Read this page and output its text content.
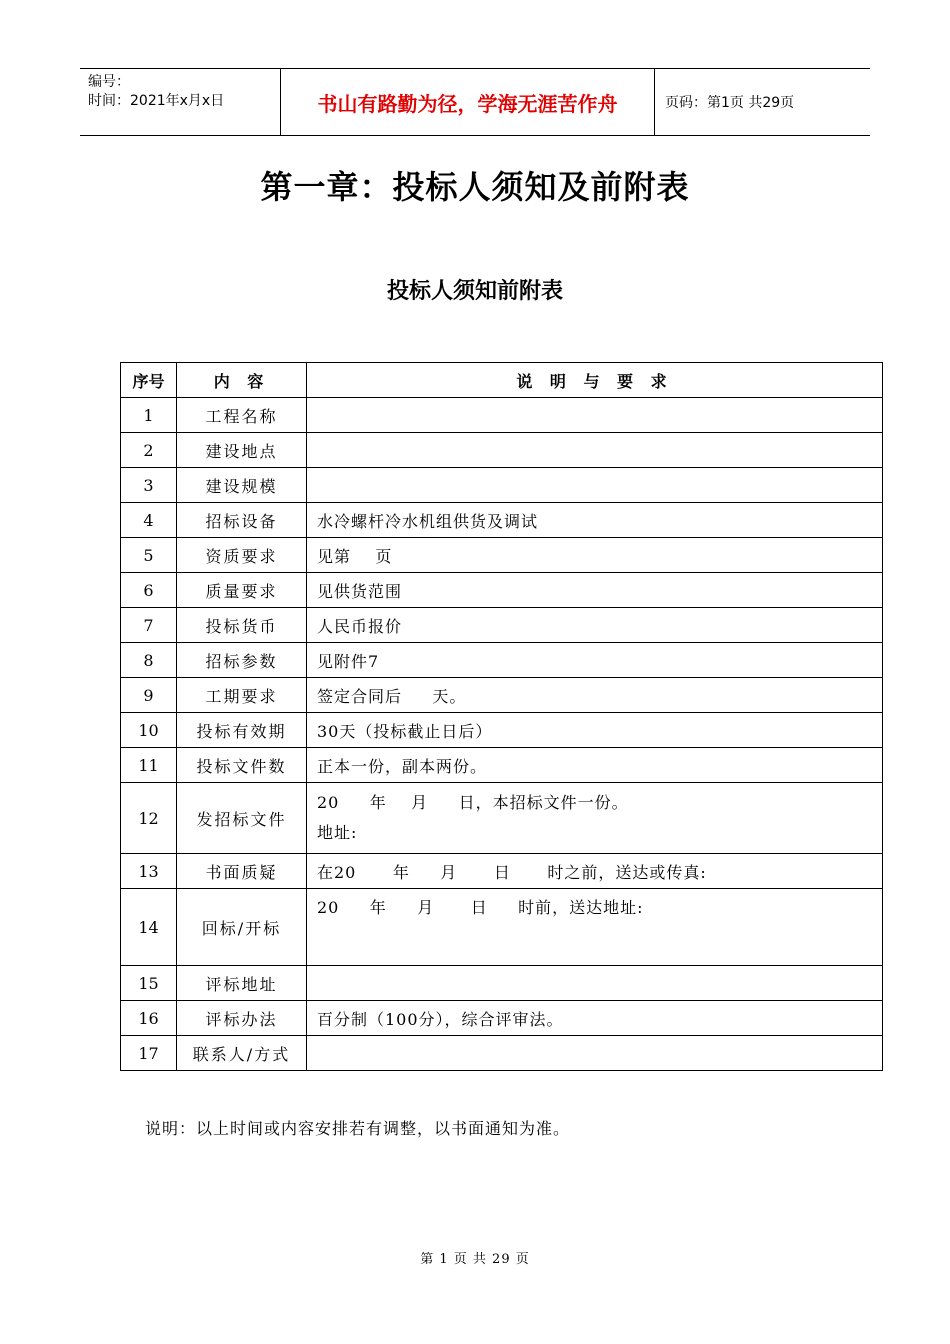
编号：
时间：2021年x月x日	书山有路勤为径，学海无涯苦作舟	页码：第1页 共29页
第一章：投标人须知及前附表
投标人须知前附表
序号	内 容	说 明 与 要 求
1	工程名称	
2	建设地点	
3	建设规模	
4	招标设备	水冷螺杆冷水机组供货及调试
5	资质要求	见第    页
6	质量要求	见供货范围
7	投标货币	人民币报价
8	招标参数	见附件7
9	工期要求	签定合同后     天。
10	投标有效期	30天（投标截止日后）
11	投标文件数	正本一份，副本两份。
12	发招标文件	20     年    月     日，本招标文件一份。
地址:
13	书面质疑	在20      年     月      日      时之前，送达或传真:
14	回标/开标	20     年     月      日     时前，送达地址:
15	评标地址	
16	评标办法	百分制（100分），综合评审法。
17	联系人/方式	
说明：以上时间或内容安排若有调整，以书面通知为准。
第 1 页 共 29 页
